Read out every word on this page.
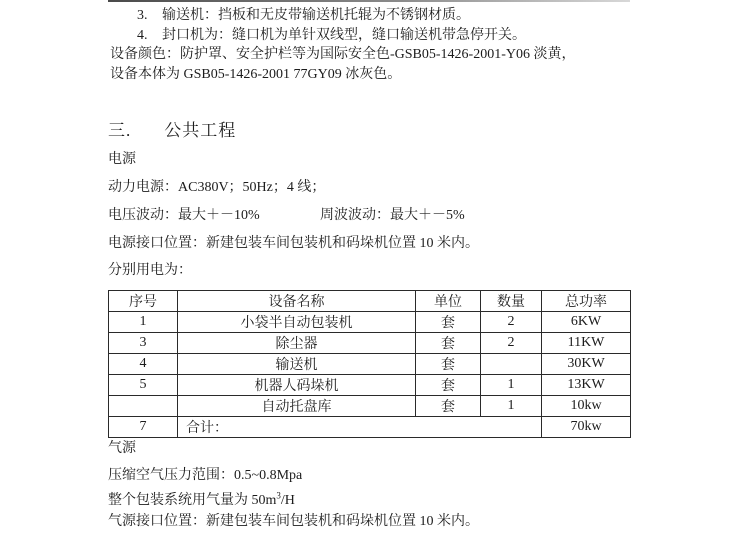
3. 输送机：挡板和无皮带输送机托辊为不锈钢材质。
4. 封口机为：缝口机为单针双线型，缝口输送机带急停开关。
设备颜色：防护罩、安全护栏等为国际安全色-GSB05-1426-2001-Y06 淡黄，
设备本体为 GSB05-1426-2001 77GY09 冰灰色。
三. 公共工程
电源
动力电源：AC380V；50Hz；4 线；
电压波动：最大＋－10%	周波波动：最大＋－5%
电源接口位置：新建包装车间包装机和码垛机位置 10 米内。
分别用电为：
序号	设备名称	单位	数量	总功率
1	小袋半自动包装机	套	2	6KW
3	除尘器	套	2	11KW
4	输送机	套		30KW
5	机器人码垛机	套	1	13KW
	自动托盘库	套	1	10kw
7	合计：			70kw
气源
压缩空气压力范围：0.5~0.8Mpa
整个包装系统用气量为 $50m^3/H$
气源接口位置：新建包装车间包装机和码垛机位置 10 米内。
